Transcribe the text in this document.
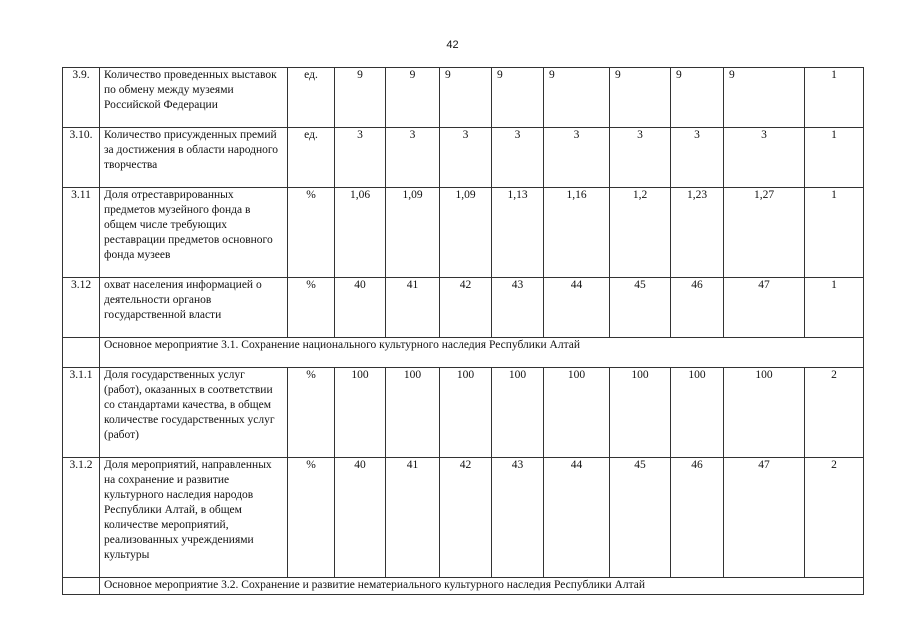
42
3.9.	Количество проведенных выставок по обмену между музеями Российской Федерации	ед.	9	9	9	9	9	9	9	9	1
3.10.	Количество присужденных премий за достижения в области народного творчества	ед.	3	3	3	3	3	3	3	3	1
3.11	Доля отреставрированных предметов музейного фонда в общем числе требующих реставрации предметов основного фонда музеев	%	1,06	1,09	1,09	1,13	1,16	1,2	1,23	1,27	1
3.12	охват населения информацией о деятельности органов государственной власти	%	40	41	42	43	44	45	46	47	1
	Основное мероприятие 3.1. Сохранение национального культурного наследия Республики Алтай										
3.1.1	Доля государственных услуг (работ), оказанных в соответствии со стандартами качества, в общем количестве государственных услуг (работ)	%	100	100	100	100	100	100	100	100	2
3.1.2	Доля мероприятий, направленных на сохранение и развитие культурного наследия народов Республики Алтай, в общем количестве мероприятий, реализованных учреждениями культуры	%	40	41	42	43	44	45	46	47	2
	Основное мероприятие 3.2. Сохранение и развитие нематериального культурного наследия Республики Алтай										
